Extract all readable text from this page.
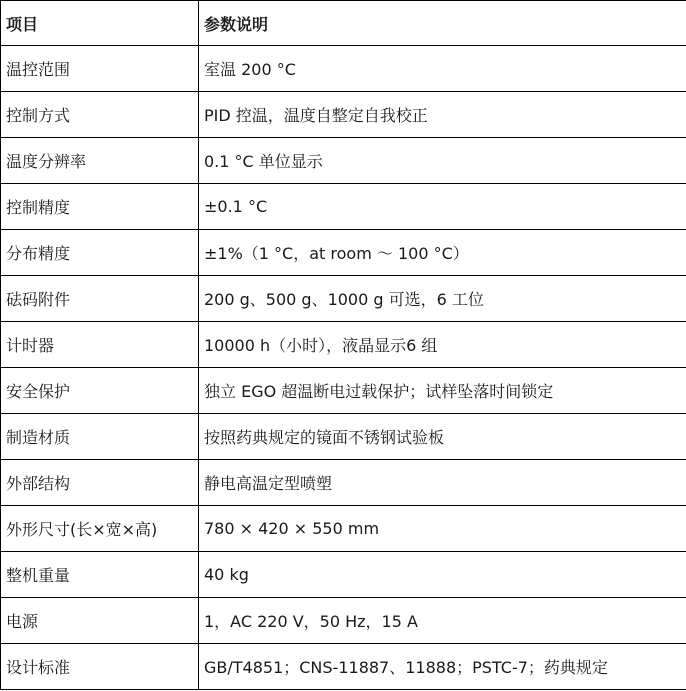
项目	参数说明
温控范围	室温 200 °C
控制方式	PID 控温，温度自整定自我校正
温度分辨率	0.1 °C 单位显示
控制精度	±0.1 °C
分布精度	±1%（1 °C，at room ～ 100 °C）
砝码附件	200 g、500 g、1000 g 可选，6 工位
计时器	10000 h（小时），液晶显示6 组
安全保护	独立 EGO 超温断电过载保护；试样坠落时间锁定
制造材质	按照药典规定的镜面不锈钢试验板
外部结构	静电高温定型喷塑
外形尺寸(长×宽×高)	780 × 420 × 550 mm
整机重量	40 kg
电源	1，AC 220 V，50 Hz，15 A
设计标准	GB/T4851；CNS-11887、11888；PSTC-7；药典规定
